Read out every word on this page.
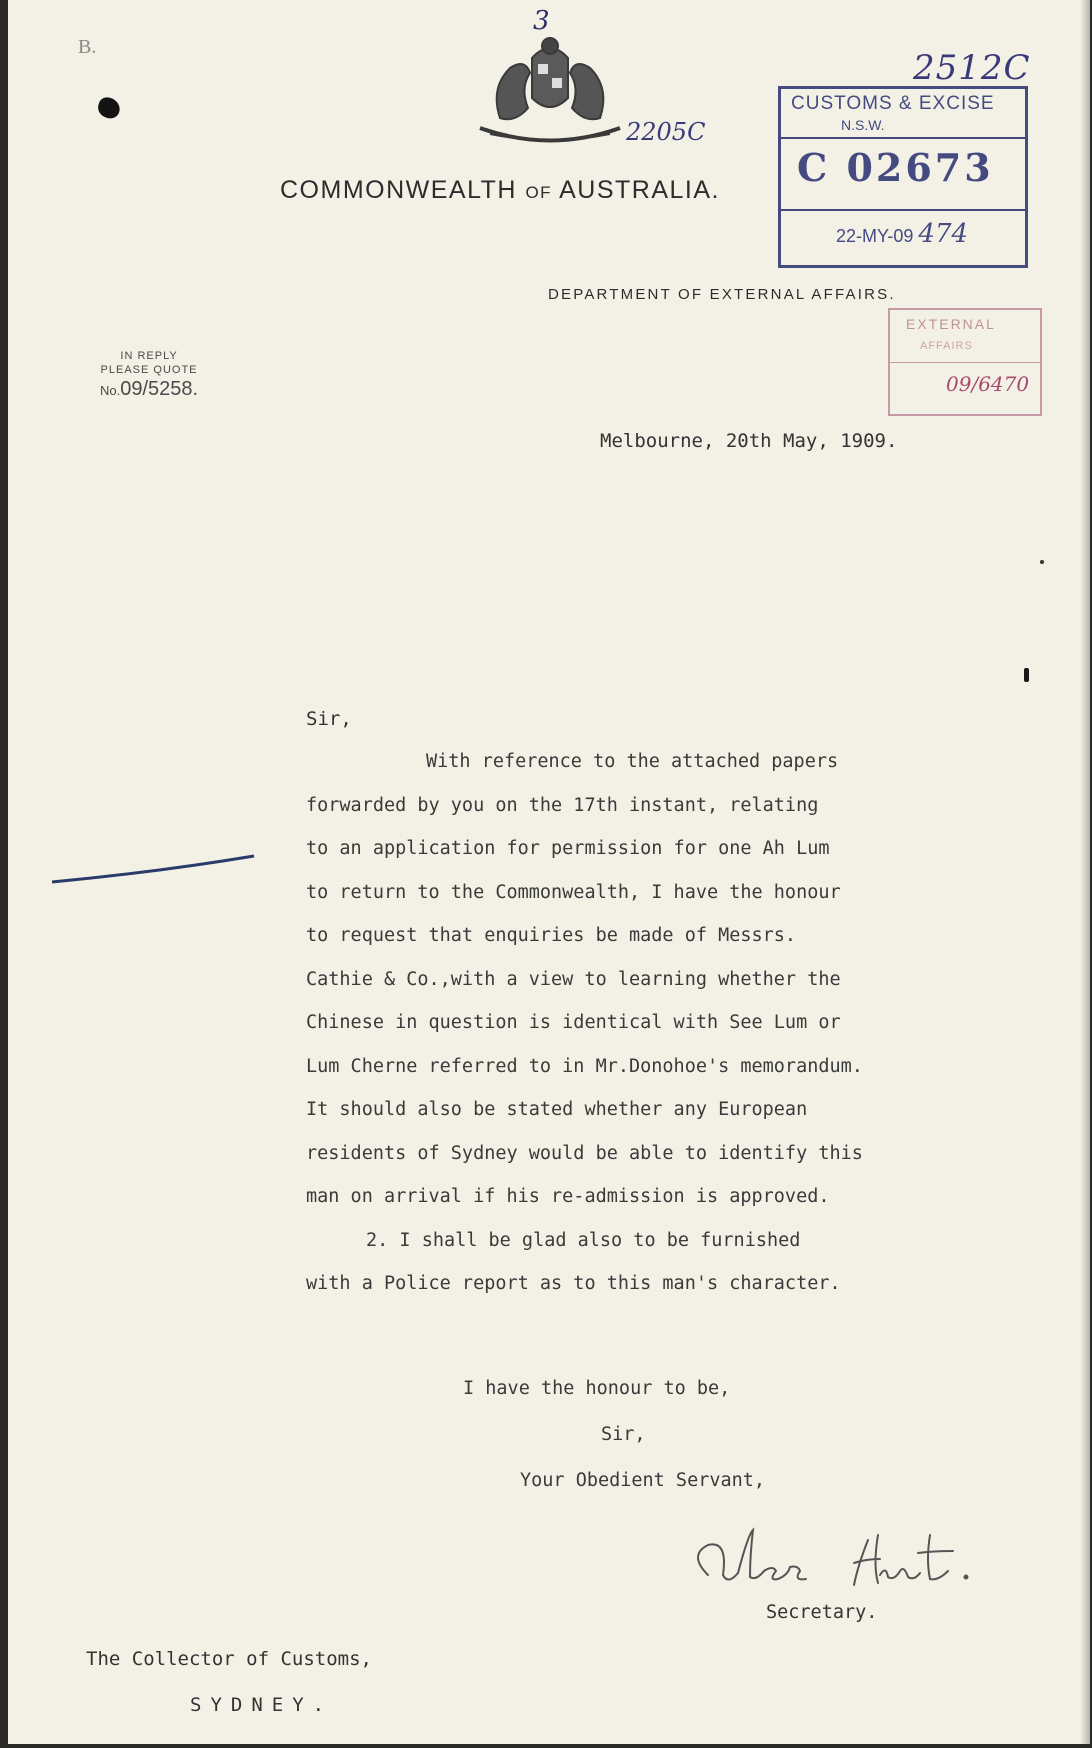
B.
3
2205C
2512C
COMMONWEALTH OF AUSTRALIA.
CUSTOMS & EXCISE
N.S.W.
C 02673
22-MY-09 474
DEPARTMENT OF EXTERNAL AFFAIRS.
EXTERNAL
AFFAIRS
09/6470
IN REPLY
PLEASE QUOTE
No.09/5258.
Melbourne, 20th May, 1909.
Sir,

With reference to the attached papers

forwarded by you on the 17th instant, relating

to an application for permission for one Ah Lum

to return to the Commonwealth, I have the honour

to request that enquiries be made of Messrs.

Cathie & Co.,with a view to learning whether the

Chinese in question is identical with See Lum or

Lum Cherne referred to in Mr.Donohoe's memorandum.

It should also be stated whether any European

residents of Sydney would be able to identify this

man on arrival if his re-admission is approved.

2. I shall be glad also to be furnished

with a Police report as to this man's character.

I have the honour to be,
Sir,
Your Obedient Servant,
Secretary.
The Collector of Customs,
SYDNEY.
